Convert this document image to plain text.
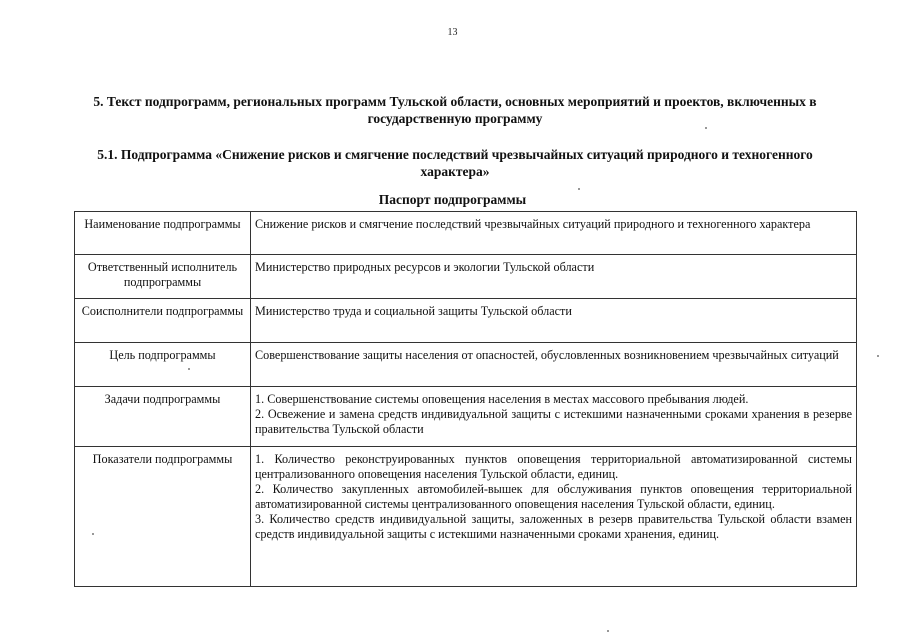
13
5. Текст подпрограмм, региональных программ Тульской области, основных мероприятий и проектов, включенных в государственную программу
5.1. Подпрограмма «Снижение рисков и смягчение последствий чрезвычайных ситуаций природного и техногенного характера»
Паспорт подпрограммы
Наименование подпрограммы	Снижение рисков и смягчение последствий чрезвычайных ситуаций природного и техногенного характера

Ответственный исполнитель подпрограммы	Министерство природных ресурсов и экологии Тульской области

Соисполнители подпрограммы	Министерство труда и социальной защиты Тульской области

Цель подпрограммы	Совершенствование защиты населения от опасностей, обусловленных возникновением чрезвычайных ситуаций

Задачи подпрограммы	1. Совершенствование системы оповещения населения в местах массового пребывания людей.
2. Освежение и замена средств индивидуальной защиты с истекшими назначенными сроками хранения в резерве правительства Тульской области

Показатели подпрограммы	1. Количество реконструированных пунктов оповещения территориальной автоматизированной системы централизованного оповещения населения Тульской области, единиц.
2. Количество закупленных автомобилей-вышек для обслуживания пунктов оповещения территориальной автоматизированной системы централизованного оповещения населения Тульской области, единиц.
3. Количество средств индивидуальной защиты, заложенных в резерв правительства Тульской области взамен средств индивидуальной защиты с истекшими назначенными сроками хранения, единиц.
